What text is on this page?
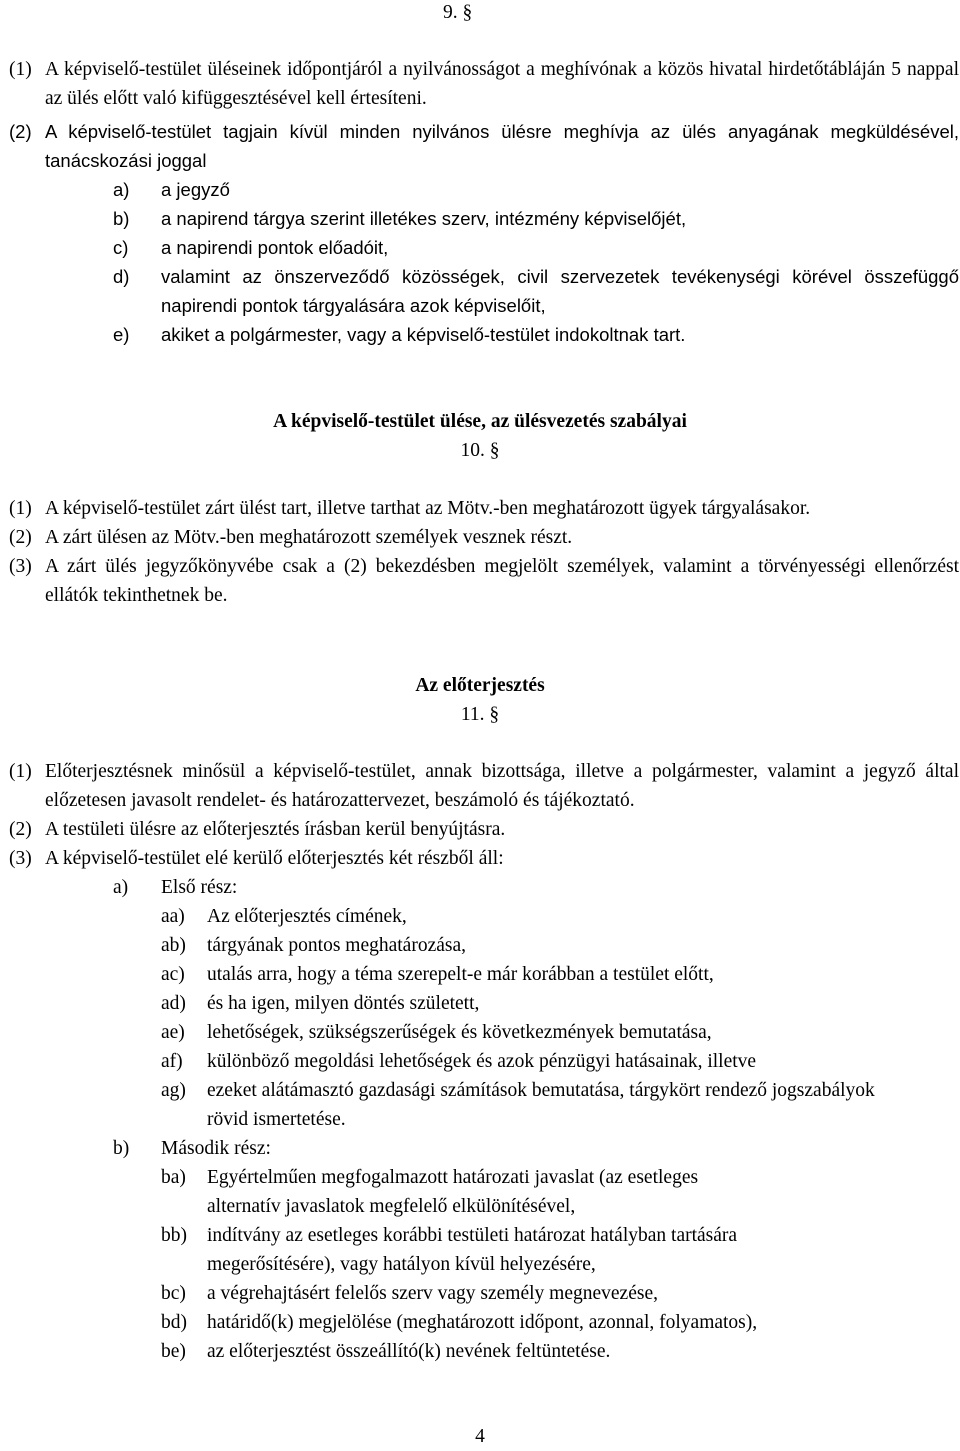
9. §
(1) A képviselő-testület üléseinek időpontjáról a nyilvánosságot a meghívónak a közös hivatal hirdetőtábláján 5 nappal az ülés előtt való kifüggesztésével kell értesíteni.
(2) A képviselő-testület tagjain kívül minden nyilvános ülésre meghívja az ülés anyagának megküldésével, tanácskozási joggal
a)	a jegyző
b)	a napirend tárgya szerint illetékes szerv, intézmény képviselőjét,
c)	a napirendi pontok előadóit,
d)	valamint az önszerveződő közösségek, civil szervezetek tevékenységi körével összefüggő napirendi pontok tárgyalására azok képviselőit,
e)	akiket a polgármester, vagy a képviselő-testület indokoltnak tart.
A képviselő-testület ülése, az ülésvezetés szabályai
10. §
(1) A képviselő-testület zárt ülést tart, illetve tarthat az Mötv.-ben meghatározott ügyek tárgyalásakor.
(2) A zárt ülésen az Mötv.-ben meghatározott személyek vesznek részt.
(3) A zárt ülés jegyzőkönyvébe csak a (2) bekezdésben megjelölt személyek, valamint a törvényességi ellenőrzést ellátók tekinthetnek be.
Az előterjesztés
11. §
(1) Előterjesztésnek minősül a képviselő-testület, annak bizottsága, illetve a polgármester, valamint a jegyző által előzetesen javasolt rendelet- és határozattervezet, beszámoló és tájékoztató.
(2) A testületi ülésre az előterjesztés írásban kerül benyújtásra.
(3) A képviselő-testület elé kerülő előterjesztés két részből áll:
a)	Első rész:
aa)	Az előterjesztés címének,
ab)	tárgyának pontos meghatározása,
ac)	utalás arra, hogy a téma szerepelt-e már korábban a testület előtt,
ad)	és ha igen, milyen döntés született,
ae)	lehetőségek, szükségszerűségek és következmények bemutatása,
af)	különböző megoldási lehetőségek és azok pénzügyi hatásainak, illetve
ag)	ezeket alátámasztó gazdasági számítások bemutatása, tárgykört rendező jogszabályok rövid ismertetése.
b)	Második rész:
ba)	Egyértelműen megfogalmazott határozati javaslat (az esetleges alternatív javaslatok megfelelő elkülönítésével,
bb)	indítvány az esetleges korábbi testületi határozat hatályban tartására megerősítésére), vagy hatályon kívül helyezésére,
bc)	a végrehajtásért felelős szerv vagy személy megnevezése,
bd)	határidő(k) megjelölése (meghatározott időpont, azonnal, folyamatos),
be)	az előterjesztést összeállító(k) nevének feltüntetése.
4
